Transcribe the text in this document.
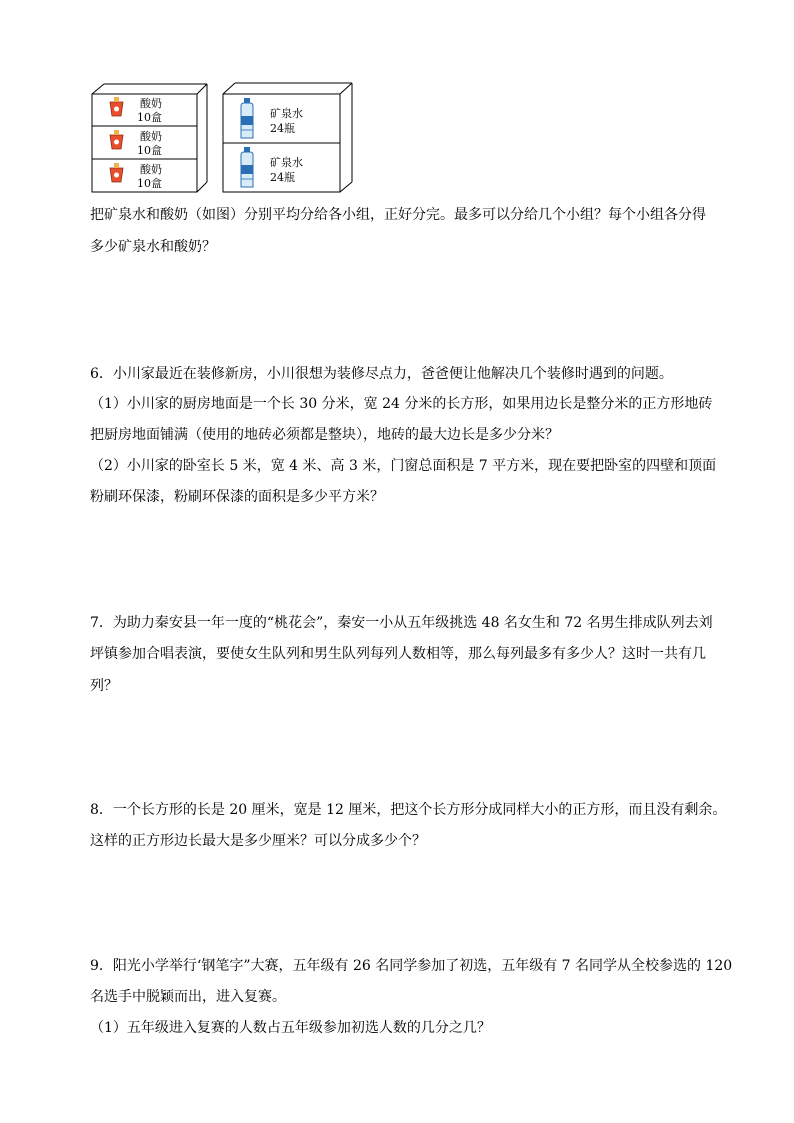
酸奶
10盒
酸奶
10盒
酸奶
10盒
矿泉水
24瓶
矿泉水
24瓶
把矿泉水和酸奶（如图）分别平均分给各小组，正好分完。最多可以分给几个小组？每个小组各分得
多少矿泉水和酸奶？
6．小川家最近在装修新房，小川很想为装修尽点力，爸爸便让他解决几个装修时遇到的问题。
（1）小川家的厨房地面是一个长 30 分米，宽 24 分米的长方形，如果用边长是整分米的正方形地砖
把厨房地面铺满（使用的地砖必须都是整块），地砖的最大边长是多少分米？
（2）小川家的卧室长 5 米，宽 4 米、高 3 米，门窗总面积是 7 平方米，现在要把卧室的四壁和顶面
粉刷环保漆，粉刷环保漆的面积是多少平方米？
7．为助力秦安县一年一度的“桃花会”，秦安一小从五年级挑选 48 名女生和 72 名男生排成队列去刘
坪镇参加合唱表演，要使女生队列和男生队列每列人数相等，那么每列最多有多少人？这时一共有几
列？
8．一个长方形的长是 20 厘米，宽是 12 厘米，把这个长方形分成同样大小的正方形，而且没有剩余。
这样的正方形边长最大是多少厘米？可以分成多少个？
9．阳光小学举行‘钢笔字”大赛，五年级有 26 名同学参加了初选，五年级有 7 名同学从全校参选的 120
名选手中脱颖而出，进入复赛。
（1）五年级进入复赛的人数占五年级参加初选人数的几分之几？
